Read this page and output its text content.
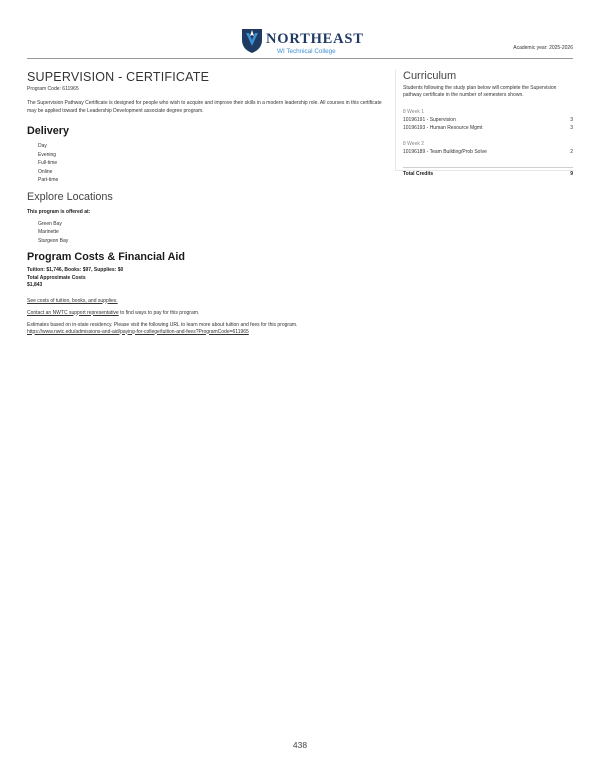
NORTHEAST
WI Technical College	Academic year: 2025-2026
SUPERVISION - CERTIFICATE
Program Code: 611965
The Supervision Pathway Certificate is designed for people who wish to acquire and improve their skills in a modern leadership role. All courses in this certificate may be applied toward the Leadership Development associate degree program.
Delivery
Day
Evening
Full-time
Online
Part-time
Explore Locations
This program is offered at:
Green Bay
Marinette
Sturgeon Bay
Program Costs & Financial Aid
Tuition: $1,746, Books: $97, Supplies: $0
Total Approximate Costs
$1,843
See costs of tuition, books, and supplies.
Contact an NWTC support representative to find ways to pay for this program.
Estimates based on in-state residency. Please visit the following URL to learn more about tuition and fees for this program.
https://www.nwtc.edu/admissions-and-aid/paying-for-college/tuition-and-fees?ProgramCode=611965
Curriculum
Students following the study plan below will complete the Supervision pathway certificate in the number of semesters shown.
8 Week 1
10196191 - Supervision	3
10196193 - Human Resource Mgmt	3
8 Week 2
10196189 - Team Building/Prob Solve	2
Total Credits	9
438
